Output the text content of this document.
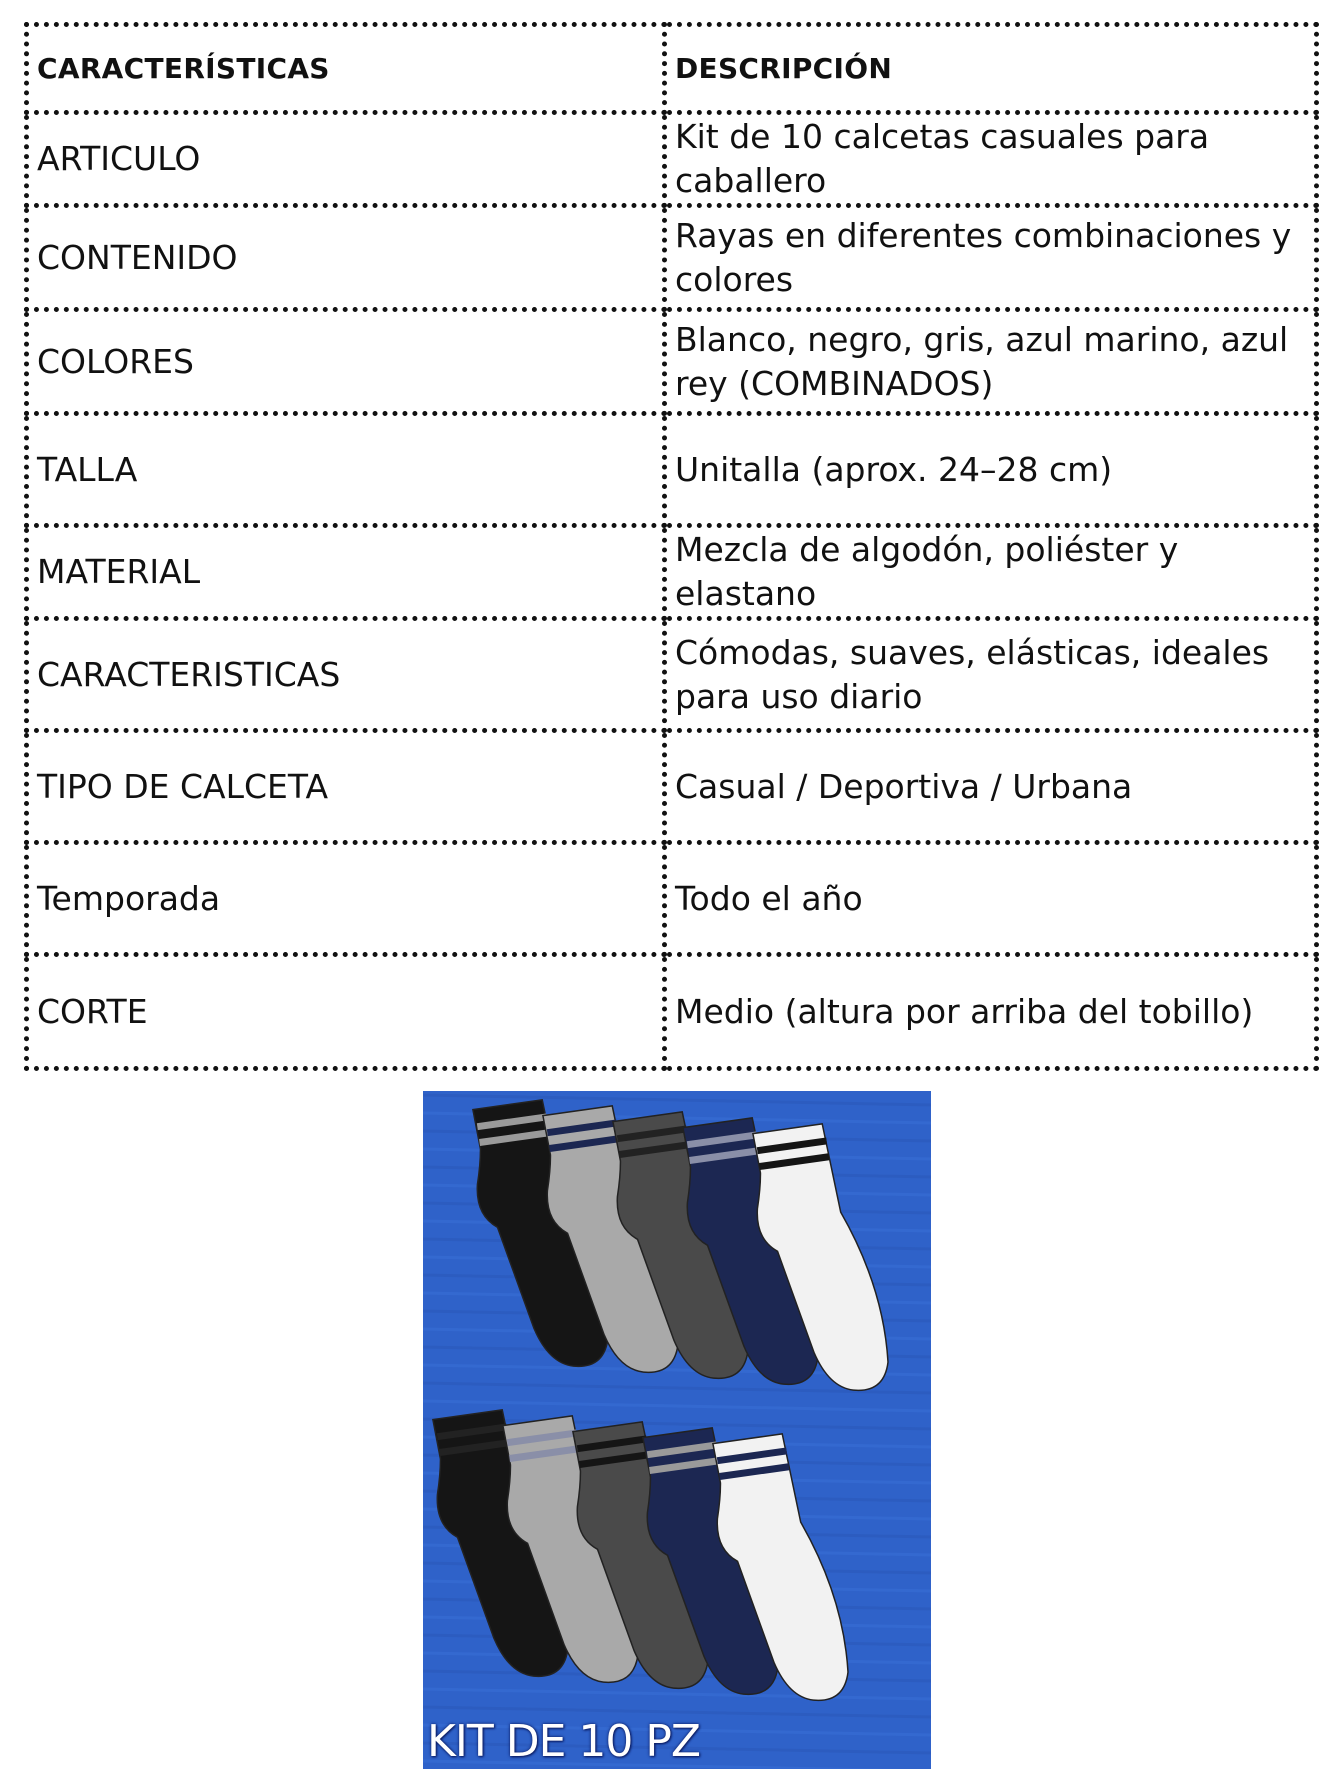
CARACTERÍSTICAS	DESCRIPCIÓN
ARTICULO	Kit de 10 calcetas casuales para caballero
CONTENIDO	Rayas en diferentes combinaciones y colores
COLORES	Blanco, negro, gris, azul marino, azul rey (COMBINADOS)
TALLA	Unitalla (aprox. 24–28 cm)
MATERIAL	Mezcla de algodón, poliéster y elastano
CARACTERISTICAS	Cómodas, suaves, elásticas, ideales para uso diario
TIPO DE CALCETA	Casual / Deportiva / Urbana
Temporada	Todo el año
CORTE	Medio (altura por arriba del tobillo)
KIT DE 10 PZ
